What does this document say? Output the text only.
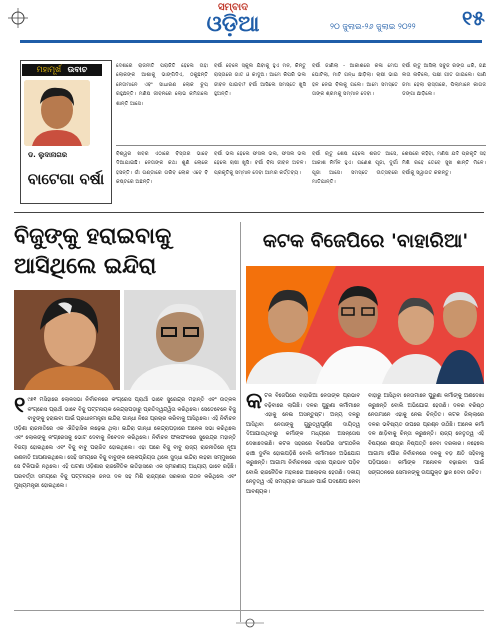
ସମ୍ବାଦ
ଓଡ଼ିଆ	୨୦ ଜୁଲାଇ-୨୬ ଜୁଲାଇ ୨୦୨୨ ୧୫
ମହାମୂର୍ଖ ଉବାଚ
ଡ. ଲୁଦାନାଗର
ବାଟେଗା ବର୍ଷା
ଦେଶରେ ରାଜନୀତି ପରାଜିତି ହେଲେ ତାହା ଲୋକଙ୍କ ଆଶାକୁ ଭାଙ୍ଗିଦିଏ, ଠକୁଛନ୍ତି ନେତାମାନେ ଏବଂ ସାଧାରଣ ଲୋକ ଚୁପ୍ ରହୁଛନ୍ତି। ମଣିଷ ଜୀବନରେ ଲୋଭ କମିଗଲେ ଶାନ୍ତି ଆସେ।
ବର୍ଷା ବେଳେ ସ୍କୁଲ ଯିବାକୁ ହୁଏ ମନ, କିନ୍ତୁ ରାସ୍ତାରେ ଗାତ ଓ କାଦୁଅ। ଆମେ କିପରି ଭଲ ଜୀବନ ପାଇବା? ବର୍ଷା ଆସିଲେ ସମସ୍ତେ ଖୁସି ହୁଅନ୍ତି।
ବର୍ଷା ଜାଣିଲା - ଆକାଶରେ କଳା ମେଘ ଘୋଟିଲା, ମାଟି ଗନ୍ଧ ଛାଡ଼ିଲା। ଚାଷୀ ଭାଇ ହଳ ନେଇ ବିଲକୁ ଗଲେ। ଆମେ ସମସ୍ତେ ତାଙ୍କ ଶ୍ରମକୁ ସମ୍ମାନ ଦେବା।
ବର୍ଷା ଋତୁ ଆସିଲା ସବୁଜ ରଙ୍ଗ ଧରି, ଗଛ ଲତା ନାଚିଲେ, ପକ୍ଷୀ ଗୀତ ଗାଇଲେ। ପାଣି ଜମା ହେଲା ରାସ୍ତାରେ, ପିଲାମାନେ କାଗଜ ଡଙ୍ଗା ଛାଡ଼ିଲେ।
ବିଶ୍ୱର ଖବର ଏଠାରେ ବିସ୍ତାର ଭାବେ ଦିଆଯାଇଛି। ନେତାଙ୍କ କଥା ଶୁଣି ଲୋକେ ହସନ୍ତି। ଗାଁ ଗଣ୍ଡାରେ ଗରିବ ଲୋକ ଏବେ ବି କଷ୍ଟରେ ଅଛନ୍ତି।
ବର୍ଷା ଭଲ ହେଲେ ଫସଲ ଭଲ, ଫସଲ ଭଲ ହେଲେ ଚାଷୀ ଖୁସି। ବର୍ଷା ବିନା ଜୀବନ ଅଚଳ। ପ୍ରକୃତିକୁ ସମ୍ମାନ ଦେବା ଆମର କର୍ତ୍ତବ୍ୟ।
ବର୍ଷା ଋତୁ ଶେଷ ହେଲେ ଶରତ ଆସେ, ଆକାଶ ନିର୍ମଳ ହୁଏ। ଗଣେଶ ପୂଜା, ଦୁର୍ଗା ପୂଜା ଆସେ। ସମସ୍ତେ ଉତ୍ସବରେ ମାତିଯାନ୍ତି।
ଶେଷରେ କହିବା, ମଣିଷ ଯଦି ପ୍ରକୃତି ସହ ମିଶି ରହେ ତେବେ ସୁଖ ଶାନ୍ତି ମିଳେ। ବର୍ଷାକୁ ସ୍ୱାଗତ କରନ୍ତୁ।
ବିଜୁଙ୍କୁ ହରାଇବାକୁ
ଆସିଥିଲେ ଇନ୍ଦିରା
୧ ୯୭୧ ମସିହାରେ ଲୋକସଭା ନିର୍ବାଚନରେ କଂଗ୍ରେସ ପ୍ରାର୍ଥୀ ଭାବେ ସୁରେନ୍ଦ୍ର ମହାନ୍ତି ଏବଂ ଉତ୍କଳ କଂଗ୍ରେସ ପ୍ରାର୍ଥୀ ଭାବେ ବିଜୁ ପଟ୍ଟନାୟକ କେନ୍ଦ୍ରାପଡ଼ାରୁ ପ୍ରତିଦ୍ୱନ୍ଦ୍ୱିତା କରିଥିଲେ। ସେତେବେଳେ ବିଜୁ ବାବୁଙ୍କୁ ହରାଇବା ପାଇଁ ପ୍ରଧାନମନ୍ତ୍ରୀ ଇନ୍ଦିରା ଗାନ୍ଧୀ ନିଜେ ପ୍ରଚାର କରିବାକୁ ଆସିଥିଲେ। ଏହି ନିର୍ବାଚନ ଓଡ଼ିଶା ରାଜନୀତିରେ ଏକ ଐତିହାସିକ ଲଢ଼େଇ ଥିଲା। ଇନ୍ଦିରା ଗାନ୍ଧୀ କେନ୍ଦ୍ରାପଡ଼ାରେ ଅନେକ ସଭା କରିଥିଲେ ଏବଂ ଲୋକଙ୍କୁ କଂଗ୍ରେସକୁ ଭୋଟ ଦେବାକୁ ନିବେଦନ କରିଥିଲେ। ନିର୍ବାଚନ ଫଳାଫଳରେ ସୁରେନ୍ଦ୍ର ମହାନ୍ତି ବିଜୟୀ ହୋଇଥିଲେ ଏବଂ ବିଜୁ ବାବୁ ପରାଜିତ ହୋଇଥିଲେ। ଏହା ପରେ ବିଜୁ ବାବୁ ରାଜ୍ୟ ରାଜନୀତିରେ ନୂଆ ରଣନୀତି ଆପଣାଇଥିଲେ। ସେହି ସମୟରେ ବିଜୁ ବାବୁଙ୍କ ଲୋକପ୍ରିୟତା ଥିଲେ ସୁଦ୍ଧା ଇନ୍ଦିରା ଲହରୀ ସମ୍ମୁଖରେ ସେ ଟିକିପାରି ନଥିଲେ। ଏହି ଘଟଣା ଓଡ଼ିଶାର ରାଜନୈତିକ ଇତିହାସରେ ଏକ ସ୍ମରଣୀୟ ଅଧ୍ୟାୟ ଭାବେ ରହିଛି। ପରବର୍ତ୍ତୀ ସମୟରେ ବିଜୁ ପଟ୍ଟନାୟକ ଜନତା ଦଳ ସହ ମିଶି ରାଜ୍ୟରେ ସରକାର ଗଠନ କରିଥିଲେ ଏବଂ ମୁଖ୍ୟମନ୍ତ୍ରୀ ହୋଇଥିଲେ।
କଟକ ବିଜେପିରେ 'ବାହାରିଆ'
କ ଟକ ବିଜେପିରେ ବାହାରିଆ ନେତାଙ୍କ ପ୍ରଭାବ ବଢ଼ିବାରେ ଲାଗିଛି। ଦଳର ପୁରୁଣା କର୍ମୀମାନେ ଏହାକୁ ନେଇ ଅସନ୍ତୁଷ୍ଟ। ଅନ୍ୟ ଦଳରୁ ଆସିଥିବା ନେତାଙ୍କୁ ଗୁରୁତ୍ୱପୂର୍ଣ୍ଣ ଦାୟିତ୍ୱ ଦିଆଯାଉଥିବାରୁ କର୍ମୀଙ୍କ ମଧ୍ୟରେ ଅସନ୍ତୋଷ ଦେଖାଦେଇଛି। କଟକ ସହରରେ ବିଜେପିର ସାଂଗଠନିକ ଢାଞ୍ଚା ଦୁର୍ବଳ ହୋଇପଡ଼ିଛି ବୋଲି କର୍ମୀମାନେ ଅଭିଯୋଗ କରୁଛନ୍ତି। ଆଗାମୀ ନିର୍ବାଚନରେ ଏହାର ପ୍ରଭାବ ପଡ଼ିବ ବୋଲି ରାଜନୈତିକ ମହଲରେ ଆଲୋଚନା ହେଉଛି। ଦଳୀୟ ନେତୃତ୍ୱ ଏହି ସମସ୍ୟାର ସମାଧାନ ପାଇଁ ପଦକ୍ଷେପ ନେବା ଆବଶ୍ୟକ।
ବାହାରୁ ଆସିଥିବା ନେତାମାନେ ପୁରୁଣା କର୍ମୀଙ୍କୁ ଅଣଦେଖା କରୁଛନ୍ତି ବୋଲି ଅଭିଯୋଗ ହେଉଛି। ଦଳର ବରିଷ୍ଠ ନେତାମାନେ ଏହାକୁ ନେଇ ଚିନ୍ତିତ। କଟକ ଜିଲ୍ଲାରେ ଦଳର ଭବିଷ୍ୟତ ଉପରେ ପ୍ରଶ୍ନ ଉଠିଛି। ଅନେକ କର୍ମୀ ଦଳ ଛାଡ଼ିବାକୁ ଚିନ୍ତା କରୁଛନ୍ତି। ରାଜ୍ୟ ନେତୃତ୍ୱ ଏହି ବିଷୟରେ ଶୀଘ୍ର ନିଷ୍ପତ୍ତି ନେବା ଦରକାର। ନହେଲେ ଆଗାମୀ ପୌର ନିର୍ବାଚନରେ ଦଳକୁ ବଡ଼ କ୍ଷତି ସହିବାକୁ ପଡ଼ିପାରେ। କର୍ମୀଙ୍କ ମନୋବଳ ବଢ଼ାଇବା ପାଇଁ ସଙ୍ଗଠନରେ ସେମାନଙ୍କୁ ଉପଯୁକ୍ତ ସ୍ଥାନ ଦେବା ଉଚିତ।
